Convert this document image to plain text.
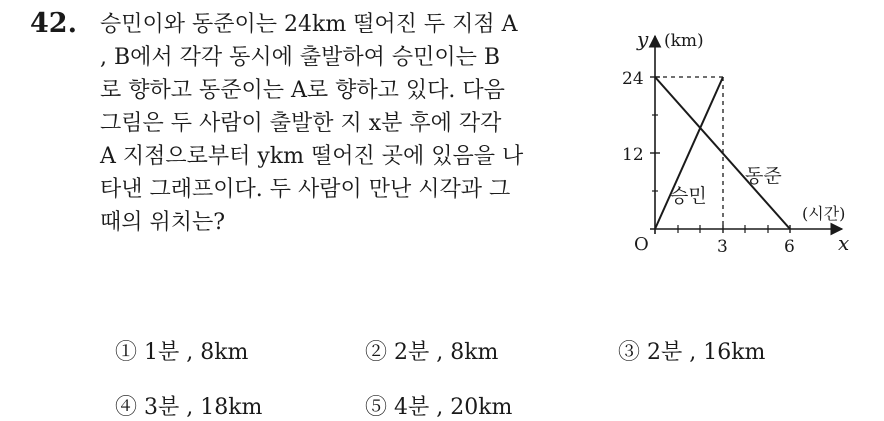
42. 승민이와 동준이는 24km 떨어진 두 지점 A
, B에서 각각 동시에 출발하여 승민이는 B
로 향하고 동준이는 A로 향하고 있다. 다음
그림은 두 사람이 출발한 지 x분 후에 각각
A 지점으로부터 ykm 떨어진 곳에 있음을 나
타낸 그래프이다. 두 사람이 만난 시각과 그
때의 위치는?
y (km)
24
12
O	3	6 x
(시간)
승민
동준
① 1분 , 8km	② 2분 , 8km	③ 2분 , 16km
④ 3분 , 18km	⑤ 4분 , 20km
